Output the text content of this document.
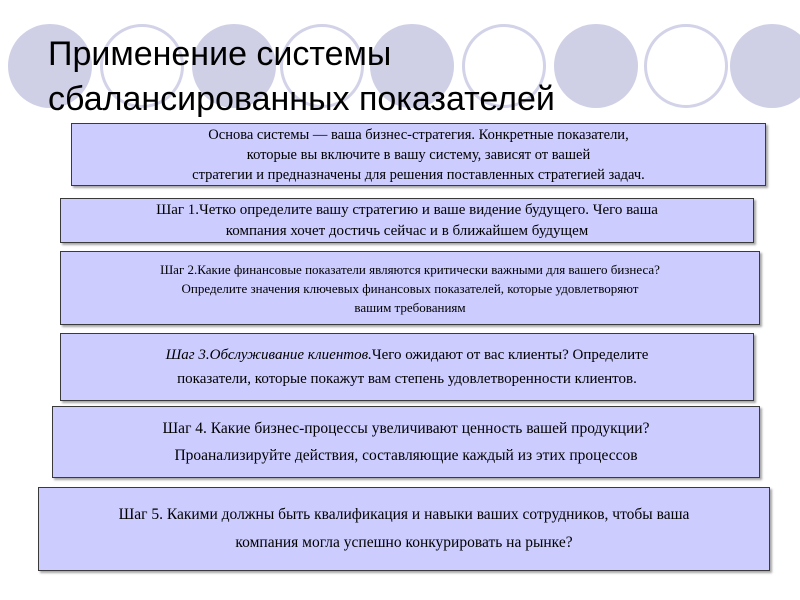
Применение системы
сбалансированных показателей
Основа системы — ваша бизнес-стратегия. Конкретные показатели,
которые вы включите в вашу систему, зависят от вашей
стратегии и предназначены для решения поставленных стратегией задач.
Шаг 1.Четко определите вашу стратегию и ваше видение будущего. Чего ваша
компания хочет достичь сейчас и в ближайшем будущем
Шаг 2.Какие финансовые показатели являются критически важными для вашего бизнеса?
Определите значения ключевых финансовых показателей, которые удовлетворяют
вашим требованиям
Шаг 3.Обслуживание клиентов.Чего ожидают от вас клиенты? Определите
показатели, которые покажут вам степень удовлетворенности клиентов.
Шаг 4. Какие бизнес-процессы увеличивают ценность вашей продукции?
Проанализируйте действия, составляющие каждый из этих процессов
Шаг 5. Какими должны быть квалификация и навыки ваших сотрудников, чтобы ваша
компания могла успешно конкурировать на рынке?
